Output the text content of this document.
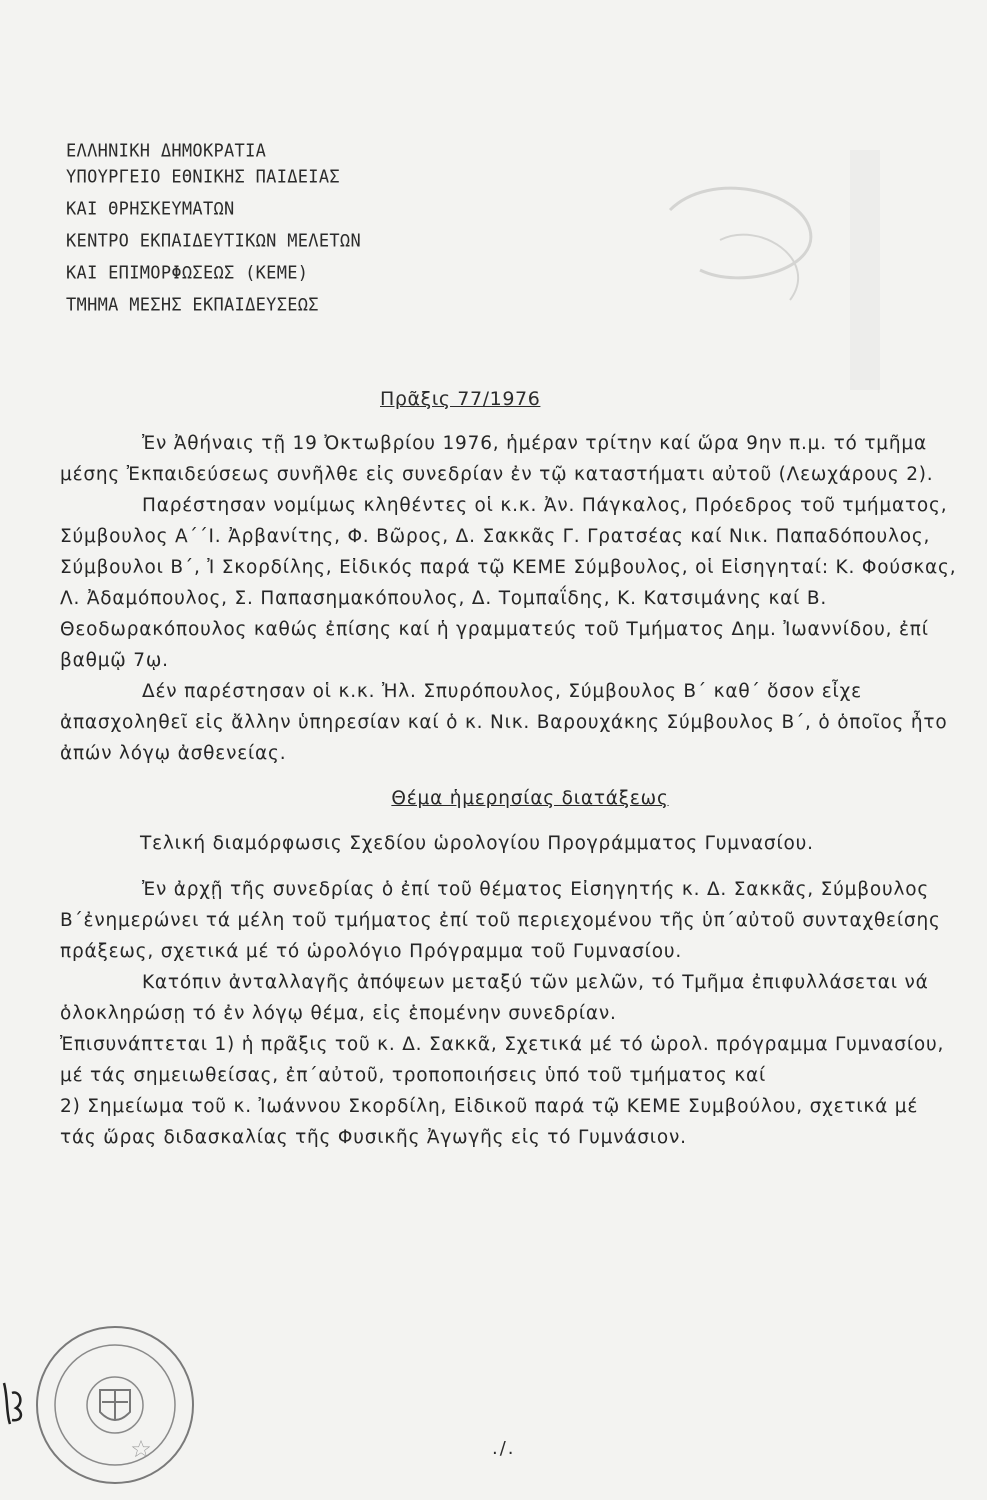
ΕΛΛΗΝΙΚΗ ΔΗΜΟΚΡΑΤΙΑ
ΥΠΟΥΡΓΕΙΟ ΕΘΝΙΚΗΣ ΠΑΙΔΕΙΑΣ
ΚΑΙ ΘΡΗΣΚΕΥΜΑΤΩΝ
ΚΕΝΤΡΟ ΕΚΠΑΙΔΕΥΤΙΚΩΝ ΜΕΛΕΤΩΝ
ΚΑΙ ΕΠΙΜΟΡΦΩΣΕΩΣ (ΚΕΜΕ)
ΤΜΗΜΑ ΜΕΣΗΣ ΕΚΠΑΙΔΕΥΣΕΩΣ
Πρᾶξις 77/1976

Ἐν Ἀθήναις τῇ 19 Ὀκτωβρίου 1976, ἡμέραν τρίτην καί ὥρα 9ην π.μ. τό τμῆμα μέσης Ἐκπαιδεύσεως συνῆλθε εἰς συνεδρίαν ἐν τῷ καταστήματι αὐτοῦ (Λεωχάρους 2).

Παρέστησαν νομίμως κληθέντες οἱ κ.κ. Ἀν. Πάγκαλος, Πρόεδρος τοῦ τμήματος, Σύμβουλος Α΄΄Ι. Ἀρβανίτης, Φ. Βῶρος, Δ. Σακκᾶς Γ. Γρατσέας καί Νικ. Παπαδόπουλος, Σύμβουλοι Β΄, Ἰ Σκορδίλης, Εἰδικός παρά τῷ ΚΕΜΕ Σύμβουλος, οἱ Εἰσηγηταί: Κ. Φούσκας, Λ. Ἀδαμόπουλος, Σ. Παπασημακόπουλος, Δ. Τομπαΐδης, Κ. Κατσιμάνης καί Β. Θεοδωρακόπουλος καθώς ἐπίσης καί ἡ γραμματεύς τοῦ Τμήματος Δημ. Ἰωαννίδου, ἐπί βαθμῷ 7ῳ.

Δέν παρέστησαν οἱ κ.κ. Ἠλ. Σπυρόπουλος, Σύμβουλος Β΄ καθ΄ ὅσον εἶχε ἀπασχοληθεῖ εἰς ἄλλην ὑπηρεσίαν καί ὁ κ. Νικ. Βαρουχάκης Σύμβουλος Β΄, ὁ ὁποῖος ἦτο ἀπών λόγῳ ἀσθενείας.

Θέμα ἡμερησίας διατάξεως

Τελική διαμόρφωσις Σχεδίου ὡρολογίου Προγράμματος Γυμνασίου.

Ἐν ἀρχῇ τῆς συνεδρίας ὁ ἐπί τοῦ θέματος Εἰσηγητής κ. Δ. Σακκᾶς, Σύμβουλος Β΄ἐνημερώνει τά μέλη τοῦ τμήματος ἐπί τοῦ περιεχομένου τῆς ὑπ΄αὐτοῦ συνταχθείσης πράξεως, σχετικά μέ τό ὡρολόγιο Πρόγραμμα τοῦ Γυμνασίου.

Κατόπιν ἀνταλλαγῆς ἀπόψεων μεταξύ τῶν μελῶν, τό Τμῆμα ἐπιφυλλάσεται νά ὁλοκληρώσῃ τό ἐν λόγῳ θέμα, εἰς ἑπομένην συνεδρίαν.

Ἐπισυνάπτεται 1) ἡ πρᾶξις τοῦ κ. Δ. Σακκᾶ, Σχετικά μέ τό ὡρολ. πρόγραμμα Γυμνασίου, μέ τάς σημειωθείσας, ἐπ΄αὐτοῦ, τροποποιήσεις ὑπό τοῦ τμήματος καί

2) Σημείωμα τοῦ κ. Ἰωάννου Σκορδίλη, Εἰδικοῦ παρά τῷ ΚΕΜΕ Συμβούλου, σχετικά μέ τάς ὥρας διδασκαλίας τῆς Φυσικῆς Ἀγωγῆς εἰς τό Γυμνάσιον.

./.
